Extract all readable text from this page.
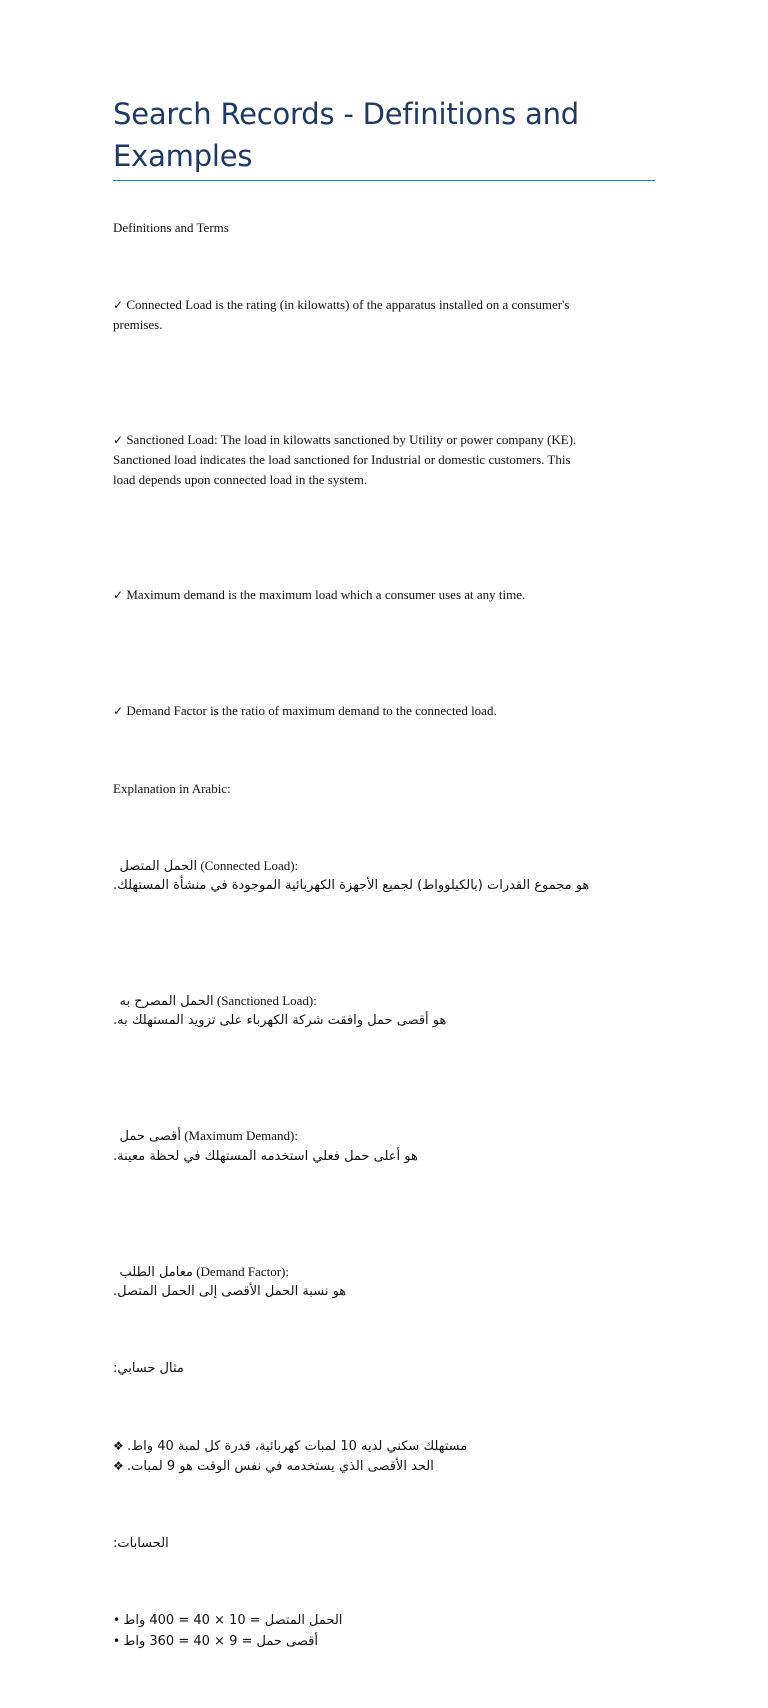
Search Records - Definitions and Examples

Definitions and Terms

✓ Connected Load is the rating (in kilowatts) of the apparatus installed on a consumer's
premises.

✓ Sanctioned Load: The load in kilowatts sanctioned by Utility or power company (KE).
Sanctioned load indicates the load sanctioned for Industrial or domestic customers. This
load depends upon connected load in the system.

✓ Maximum demand is the maximum load which a consumer uses at any time.

✓ Demand Factor is the ratio of maximum demand to the connected load.

Explanation in Arabic:

الحمل المتصل (Connected Load):
هو مجموع القدرات (بالكيلوواط) لجميع الأجهزة الكهربائية الموجودة في منشأة المستهلك.

الحمل المصرح به (Sanctioned Load):
هو أقصى حمل وافقت شركة الكهرباء على تزويد المستهلك به.

أقصى حمل (Maximum Demand):
هو أعلى حمل فعلي استخدمه المستهلك في لحظة معينة.

معامل الطلب (Demand Factor):
هو نسبة الحمل الأقصى إلى الحمل المتصل.

مثال حسابي:

❖ مستهلك سكني لديه 10 لمبات كهربائية، قدرة كل لمبة 40 واط.
❖ الحد الأقصى الذي يستخدمه في نفس الوقت هو 9 لمبات.

الحسابات:

• الحمل المتصل = 10 × 40 = 400 واط
• أقصى حمل = 9 × 40 = 360 واط
